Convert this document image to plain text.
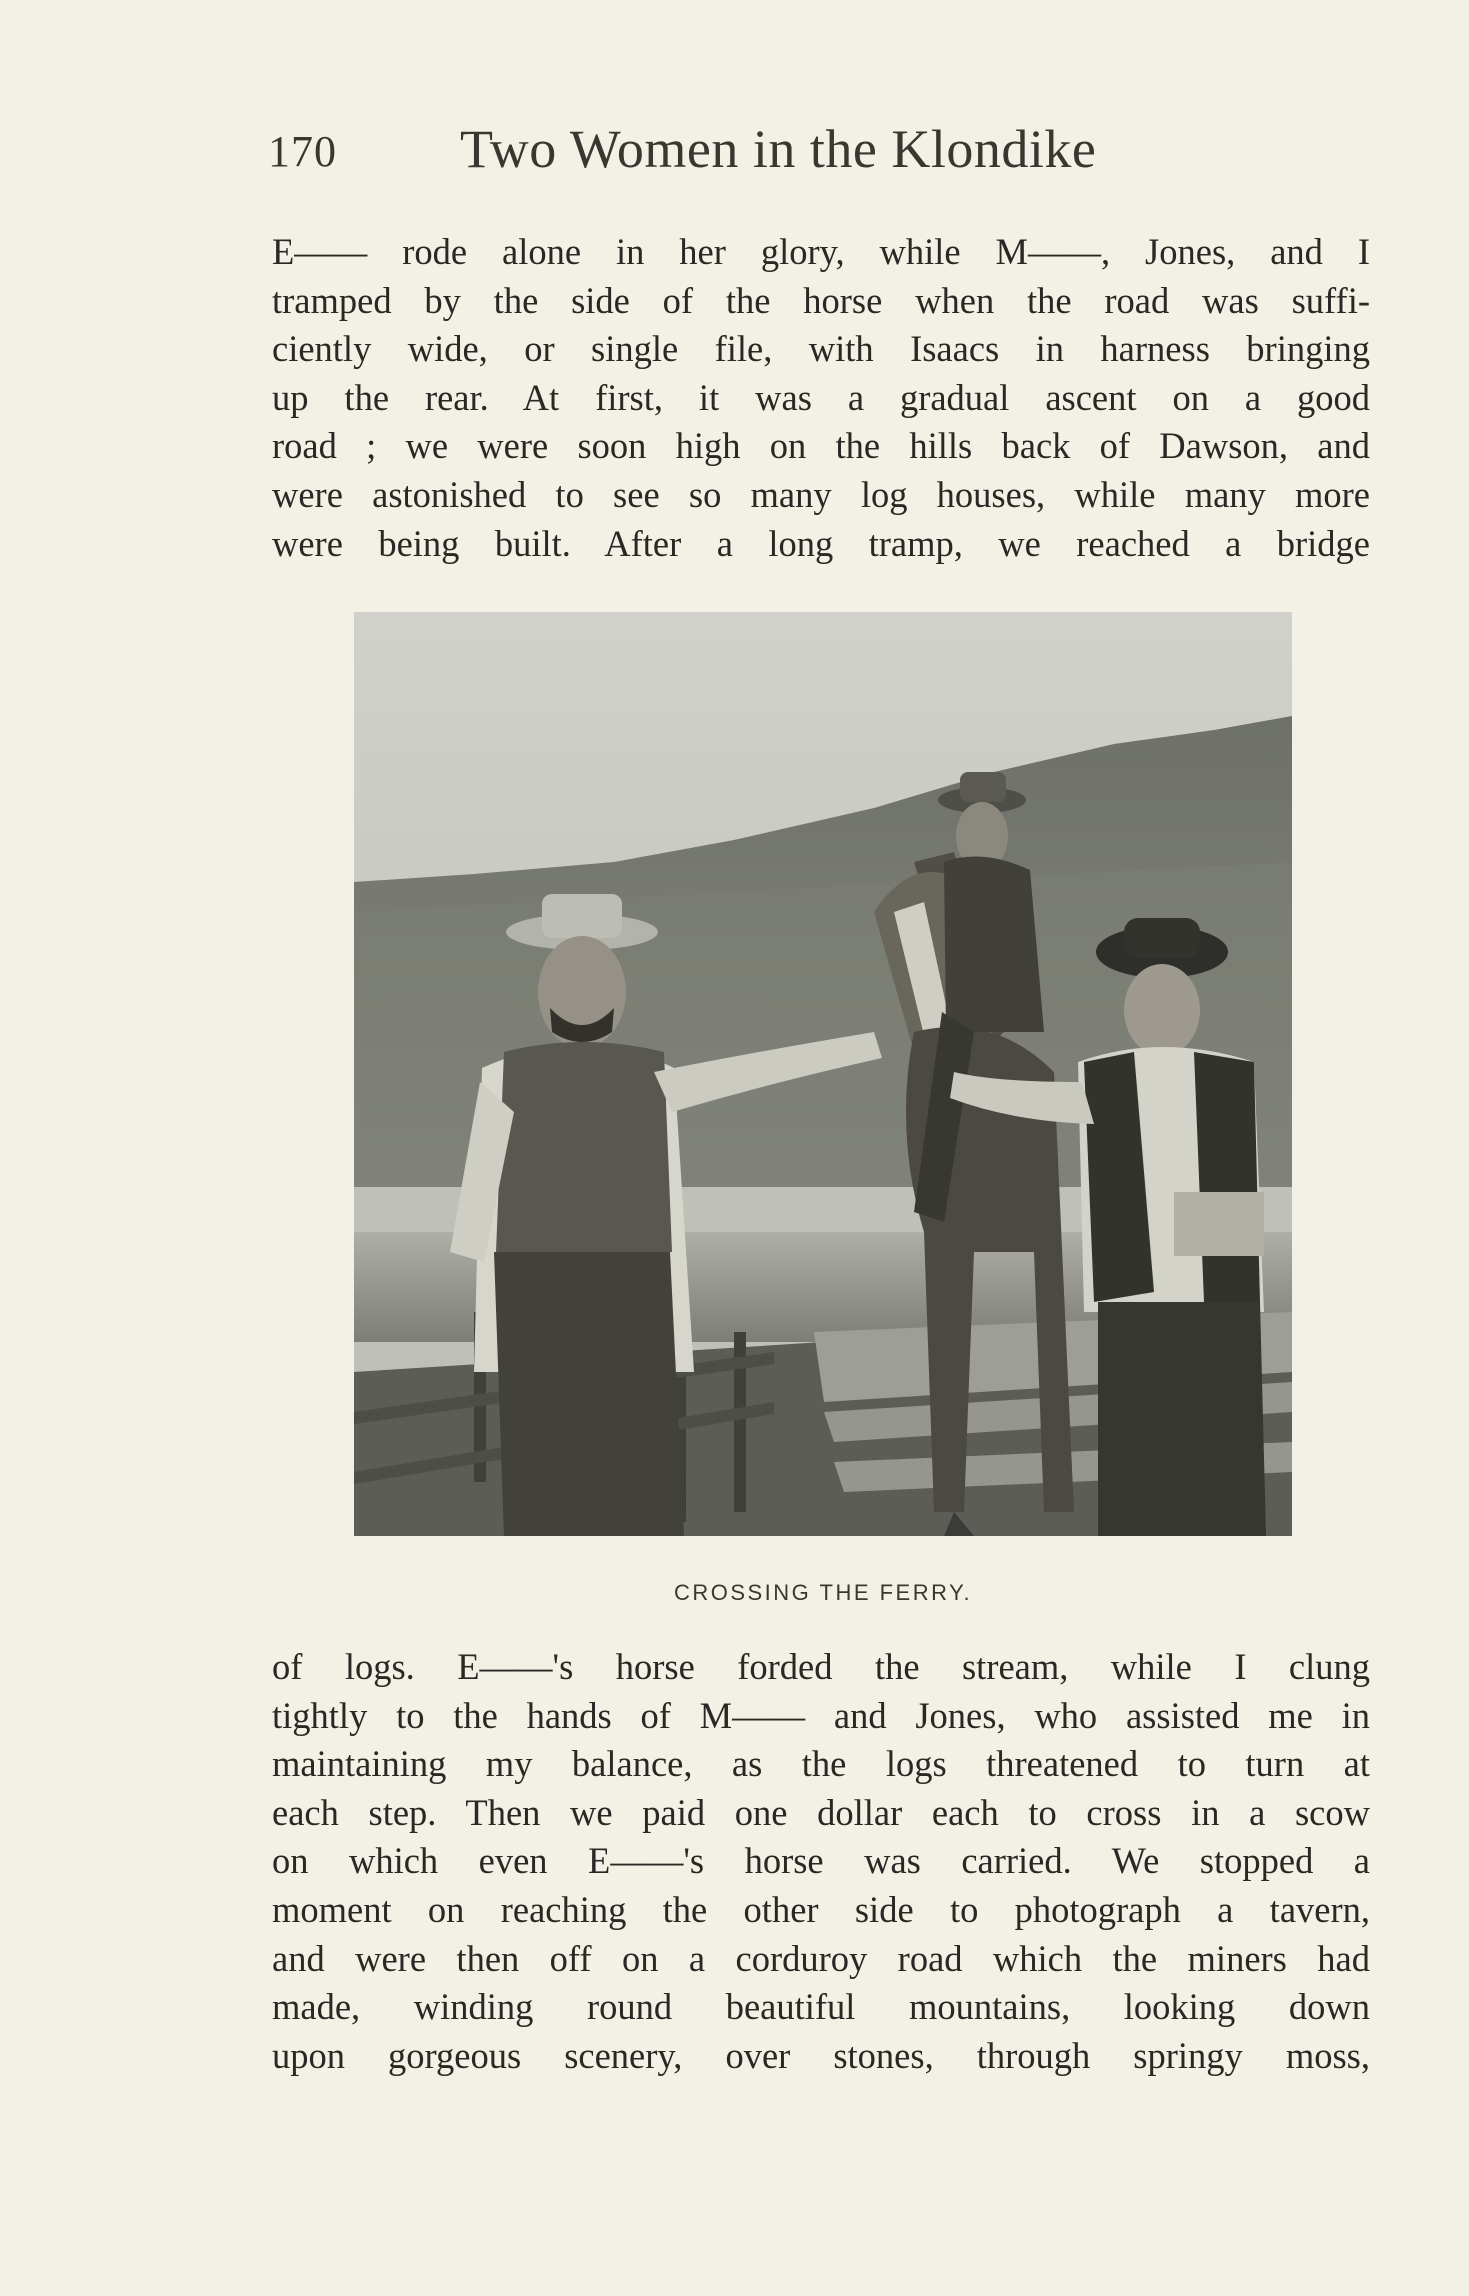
170 Two Women in the Klondike
E—— rode alone in her glory, while M——, Jones, and I
tramped by the side of the horse when the road was suffi-
ciently wide, or single file, with Isaacs in harness bringing
up the rear. At first, it was a gradual ascent on a good
road ; we were soon high on the hills back of Dawson, and
were astonished to see so many log houses, while many more
were being built. After a long tramp, we reached a bridge
CROSSING THE FERRY.
of logs. E——'s horse forded the stream, while I clung
tightly to the hands of M—— and Jones, who assisted me in
maintaining my balance, as the logs threatened to turn at
each step. Then we paid one dollar each to cross in a scow
on which even E——'s horse was carried. We stopped a
moment on reaching the other side to photograph a tavern,
and were then off on a corduroy road which the miners had
made, winding round beautiful mountains, looking down
upon gorgeous scenery, over stones, through springy moss,
